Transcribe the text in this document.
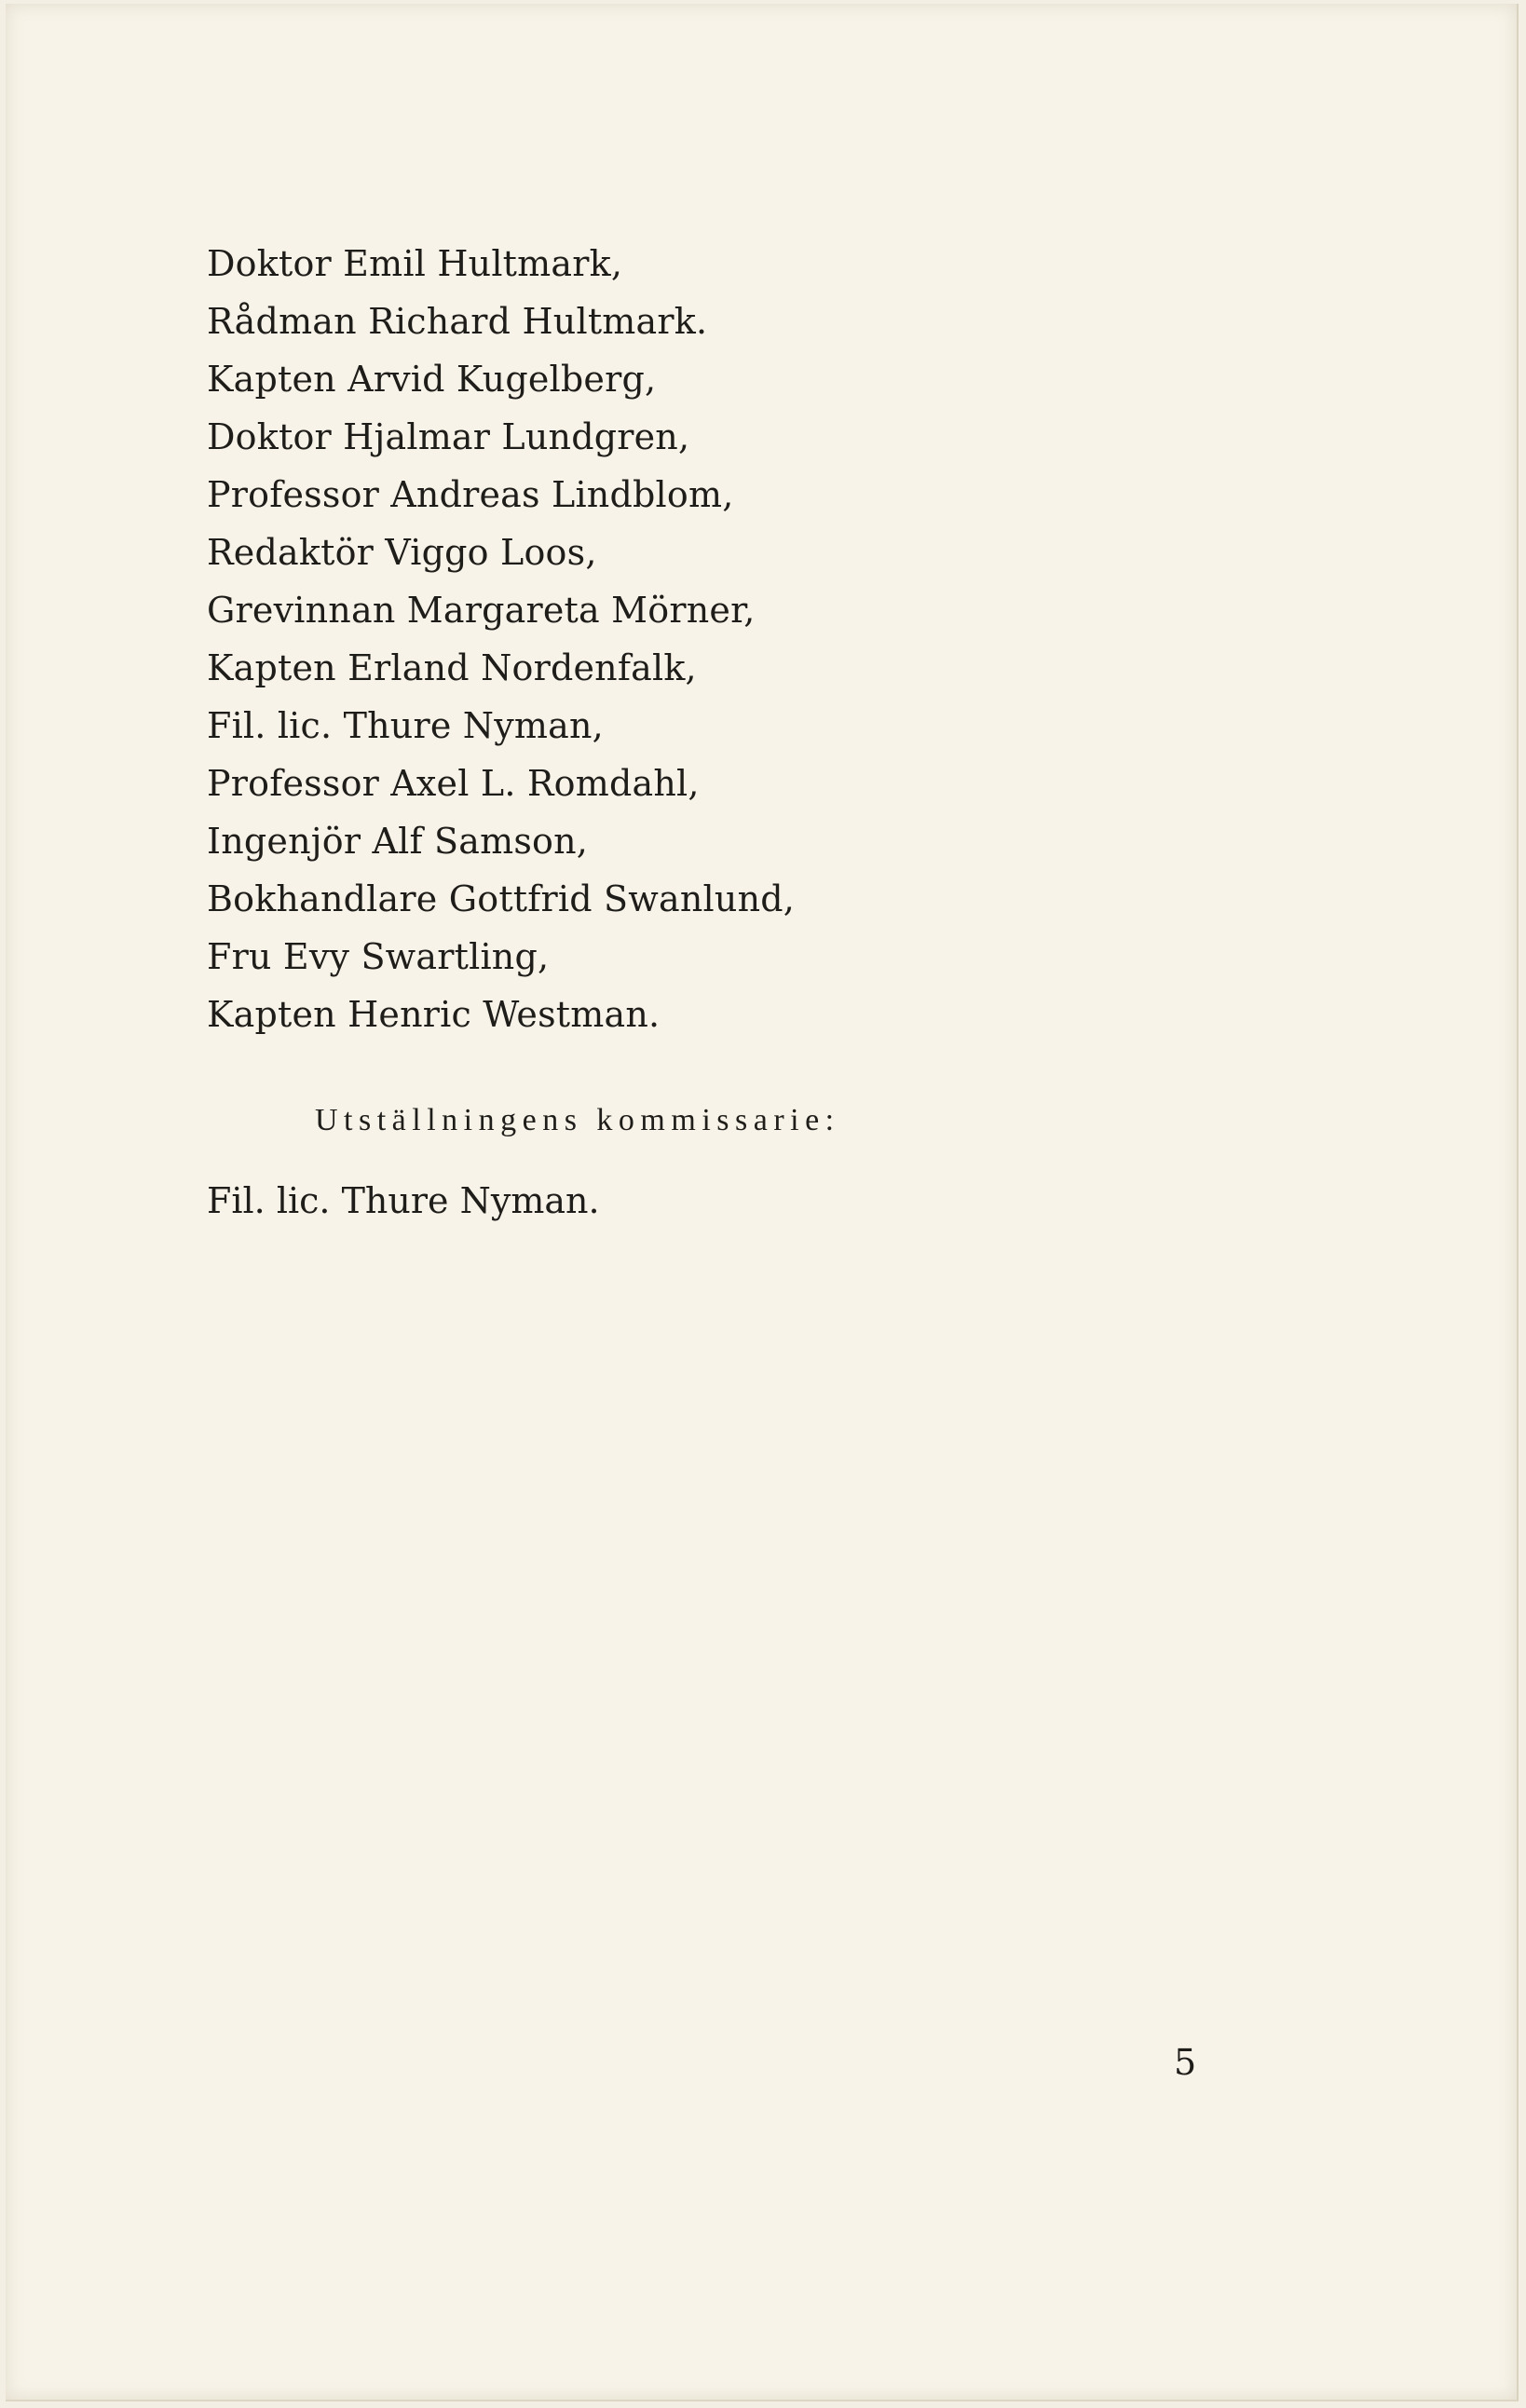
Doktor Emil Hultmark,
Rådman Richard Hultmark.
Kapten Arvid Kugelberg,
Doktor Hjalmar Lundgren,
Professor Andreas Lindblom,
Redaktör Viggo Loos,
Grevinnan Margareta Mörner,
Kapten Erland Nordenfalk,
Fil. lic. Thure Nyman,
Professor Axel L. Romdahl,
Ingenjör Alf Samson,
Bokhandlare Gottfrid Swanlund,
Fru Evy Swartling,
Kapten Henric Westman.
Utställningens kommissarie:
Fil. lic. Thure Nyman.
5
